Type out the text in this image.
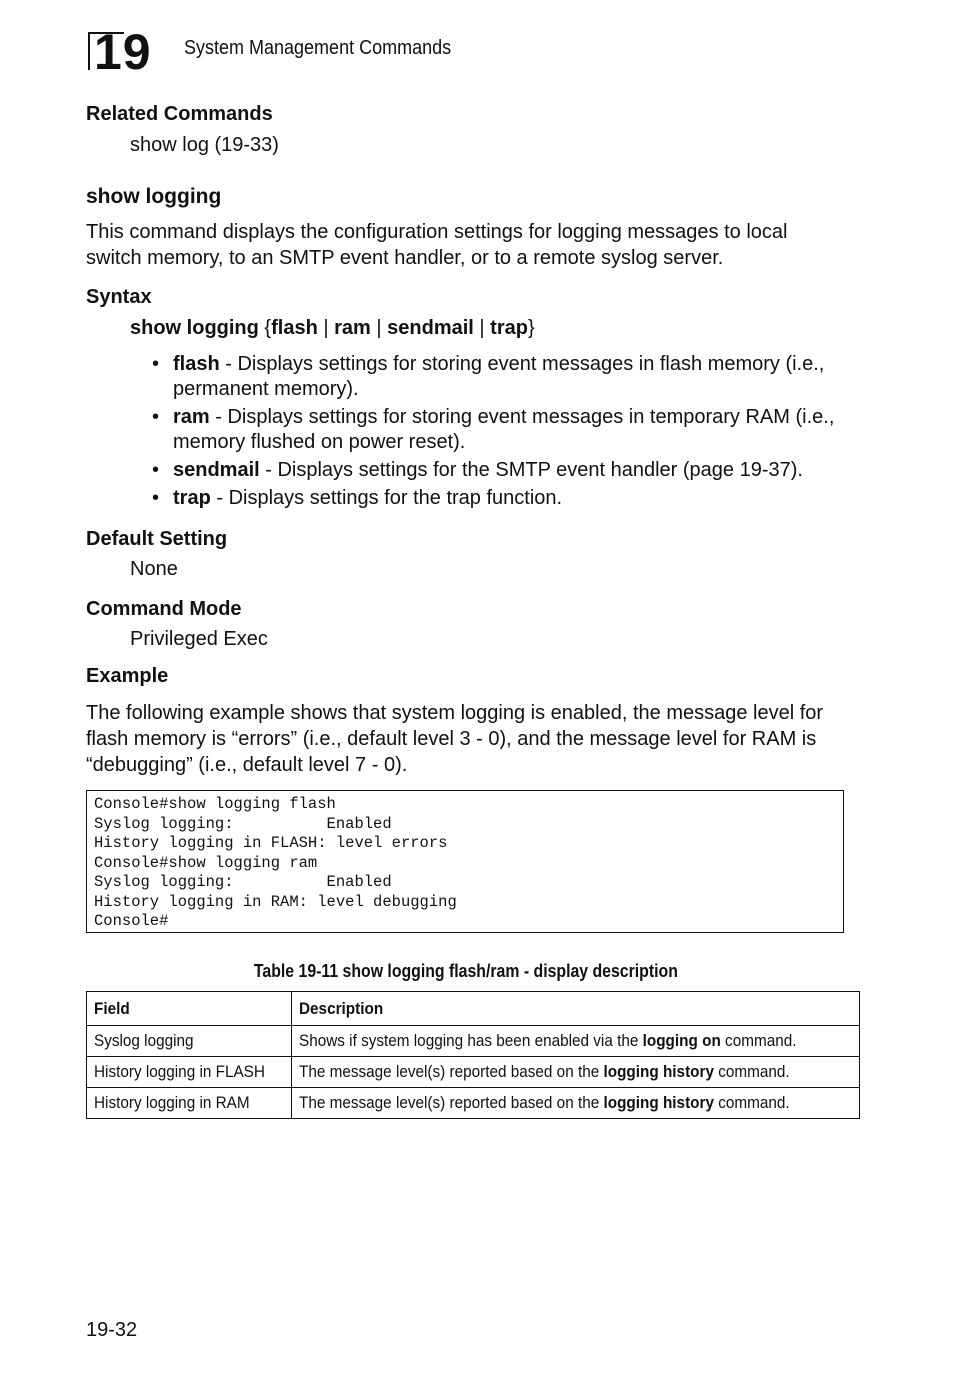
19 System Management Commands
Related Commands
show log (19-33)
show logging

This command displays the configuration settings for logging messages to local switch memory, to an SMTP event handler, or to a remote syslog server.

Syntax
show logging {flash | ram | sendmail | trap}
• flash - Displays settings for storing event messages in flash memory (i.e., permanent memory).
• ram - Displays settings for storing event messages in temporary RAM (i.e., memory flushed on power reset).
• sendmail - Displays settings for the SMTP event handler (page 19-37).
• trap - Displays settings for the trap function.
Default Setting
None
Command Mode
Privileged Exec
Example

The following example shows that system logging is enabled, the message level for flash memory is “errors” (i.e., default level 3 - 0), and the message level for RAM is “debugging” (i.e., default level 7 - 0).

Console#show logging flash
Syslog logging:          Enabled
History logging in FLASH: level errors
Console#show logging ram
Syslog logging:          Enabled
History logging in RAM: level debugging
Console#
Table 19-11 show logging flash/ram - display description
Field	Description
Syslog logging	Shows if system logging has been enabled via the logging on command.
History logging in FLASH	The message level(s) reported based on the logging history command.
History logging in RAM	The message level(s) reported based on the logging history command.
19-32
